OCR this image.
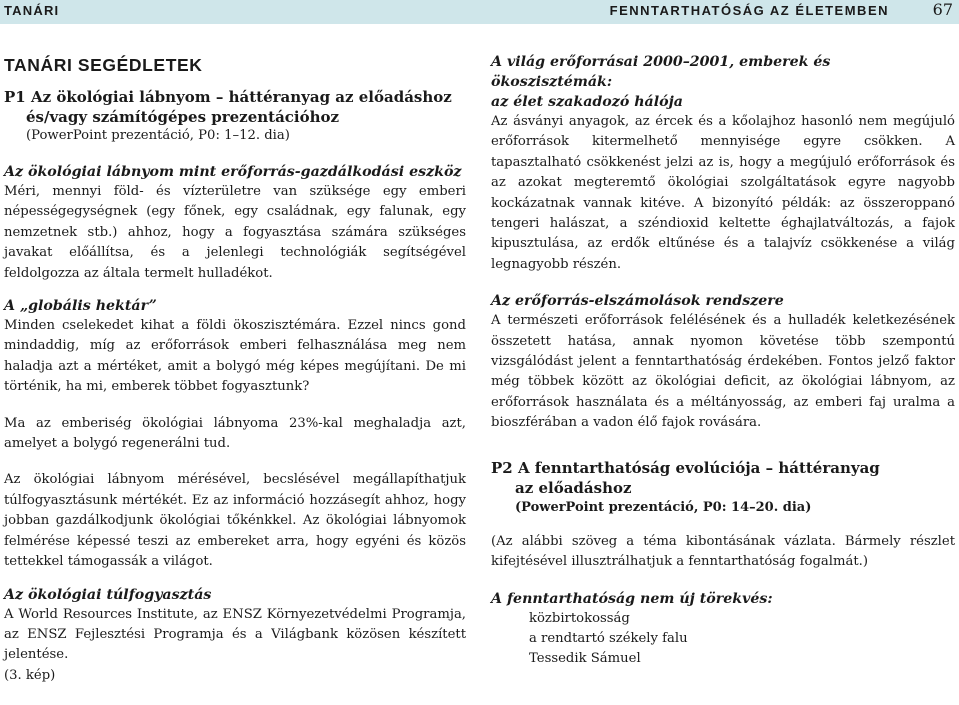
TANÁRI	FENNTARTHATÓSÁG AZ ÉLETEMBEN	67
TANÁRI SEGÉDLETEK
P1 Az ökológiai lábnyom – háttéranyag az előadáshoz
és/vagy számítógépes prezentációhoz
(PowerPoint prezentáció, P0: 1–12. dia)
Az ökológiai lábnyom mint erőforrás-gazdálkodási eszköz

Méri, mennyi föld- és vízterületre van szüksége egy emberi népességegységnek (egy főnek, egy családnak, egy falunak, egy nemzetnek stb.) ahhoz, hogy a fogyasztása számára szükséges javakat előállítsa, és a jelenlegi technológiák segítségével feldolgozza az általa termelt hulladékot.

A „globális hektár”

Minden cselekedet kihat a földi ökoszisztémára. Ezzel nincs gond mindaddig, míg az erőforrások emberi felhasználása meg nem haladja azt a mértéket, amit a bolygó még képes megújítani. De mi történik, ha mi, emberek többet fogyasztunk?

Ma az emberiség ökológiai lábnyoma 23%-kal meghaladja azt, amelyet a bolygó regenerálni tud.

Az ökológiai lábnyom mérésével, becslésével megállapíthatjuk túlfogyasztásunk mértékét. Ez az információ hozzásegít ahhoz, hogy jobban gazdálkodjunk ökológiai tőkénkkel. Az ökológiai lábnyomok felmérése képessé teszi az embereket arra, hogy egyéni és közös tettekkel támogassák a világot.

Az ökológiai túlfogyasztás

A World Resources Institute, az ENSZ Környezetvédelmi Programja, az ENSZ Fejlesztési Programja és a Világbank közösen készített jelentése.

(3. kép)

A világ erőforrásai 2000–2001, emberek és ökoszisztémák:
az élet szakadozó hálója

Az ásványi anyagok, az ércek és a kőolajhoz hasonló nem megújuló erőforrások kitermelhető mennyisége egyre csökken. A tapasztalható csökkenést jelzi az is, hogy a megújuló erőforrások és az azokat megteremtő ökológiai szolgáltatások egyre nagyobb kockázatnak vannak kitéve. A bizonyító példák: az összeroppanó tengeri halászat, a széndioxid keltette éghajlatváltozás, a fajok kipusztulása, az erdők eltűnése és a talajvíz csökkenése a világ legnagyobb részén.

Az erőforrás-elszámolások rendszere

A természeti erőforrások felélésének és a hulladék keletkezésének összetett hatása, annak nyomon követése több szempontú vizsgálódást jelent a fenntarthatóság érdekében. Fontos jelző faktor még többek között az ökológiai deficit, az ökológiai lábnyom, az erőforrások használata és a méltányosság, az emberi faj uralma a bioszférában a vadon élő fajok rovására.

P2 A fenntarthatóság evolúciója – háttéranyag
az előadáshoz
(PowerPoint prezentáció, P0: 14–20. dia)

(Az alábbi szöveg a téma kibontásának vázlata. Bármely részlet kifejtésével illusztrálhatjuk a fenntarthatóság fogalmát.)

A fenntarthatóság nem új törekvés:
közbirtokosság
a rendtartó székely falu
Tessedik Sámuel
